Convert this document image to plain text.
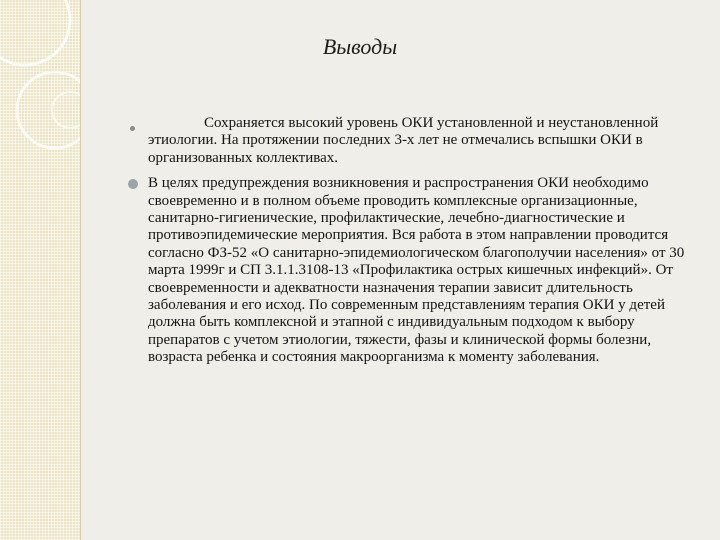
Выводы
Сохраняется высокий уровень ОКИ установленной и неустановленной этиологии. На протяжении последних 3-х лет не отмечались вспышки ОКИ в организованных коллективах.
В целях предупреждения возникновения и распространения ОКИ необходимо своевременно и в полном объеме проводить комплексные организационные, санитарно-гигиенические, профилактические, лечебно-диагностические и противоэпидемические мероприятия. Вся работа в этом направлении проводится согласно ФЗ-52 «О санитарно-эпидемиологическом благополучии населения» от 30 марта 1999г и СП 3.1.1.3108-13 «Профилактика острых кишечных инфекций». От своевременности и адекватности назначения терапии зависит длительность заболевания и его исход. По современным представлениям терапия ОКИ у детей должна быть комплексной и этапной с индивидуальным подходом к выбору препаратов с учетом этиологии, тяжести, фазы и клинической формы болезни, возраста ребенка и состояния макроорганизма к моменту заболевания.
